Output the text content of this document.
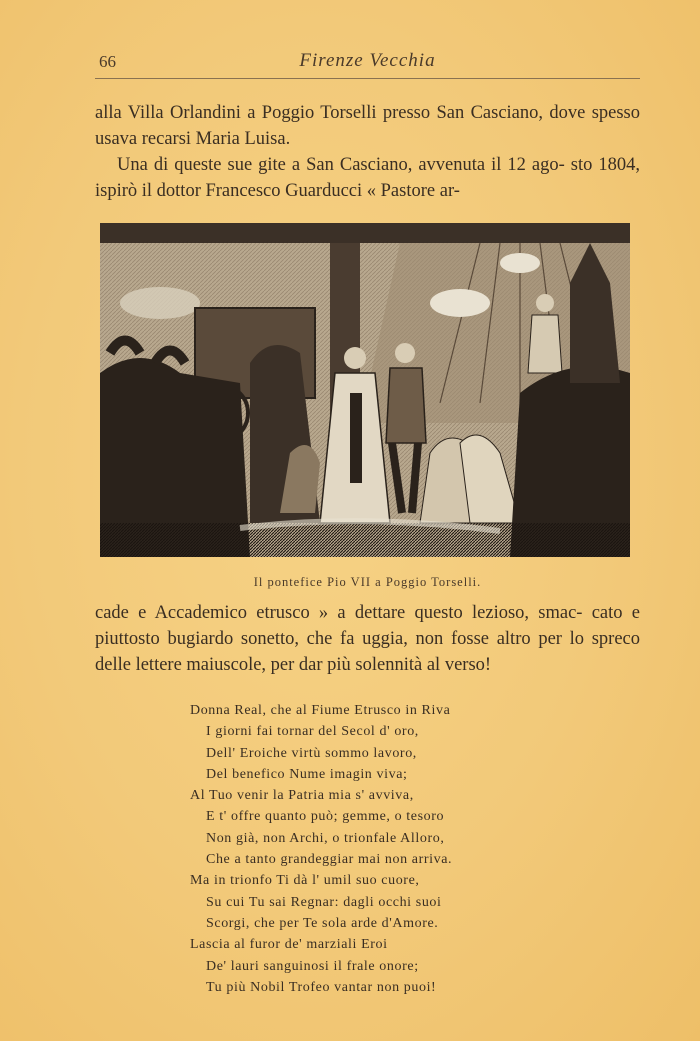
66	Firenze Vecchia

alla Villa Orlandini a Poggio Torselli presso San Casciano, dove spesso usava recarsi Maria Luisa.

Una di queste sue gite a San Casciano, avvenuta il 12 ago- sto 1804, ispirò il dottor Francesco Guarducci « Pastore ar-

Il pontefice Pio VII a Poggio Torselli.

cade e Accademico etrusco » a dettare questo lezioso, smac- cato e piuttosto bugiardo sonetto, che fa uggia, non fosse altro per lo spreco delle lettere maiuscole, per dar più solennità al verso!

Donna Real, che al Fiume Etrusco in Riva
I giorni fai tornar del Secol d' oro,
Dell' Eroiche virtù sommo lavoro,
Del benefico Nume imagin viva;
Al Tuo venir la Patria mia s' avviva,
E t' offre quanto può; gemme, o tesoro
Non già, non Archi, o trionfale Alloro,
Che a tanto grandeggiar mai non arriva.
Ma in trionfo Ti dà l' umil suo cuore,
Su cui Tu sai Regnar: dagli occhi suoi
Scorgi, che per Te sola arde d'Amore.
Lascia al furor de' marziali Eroi
De' lauri sanguinosi il frale onore;
Tu più Nobil Trofeo vantar non puoi!
